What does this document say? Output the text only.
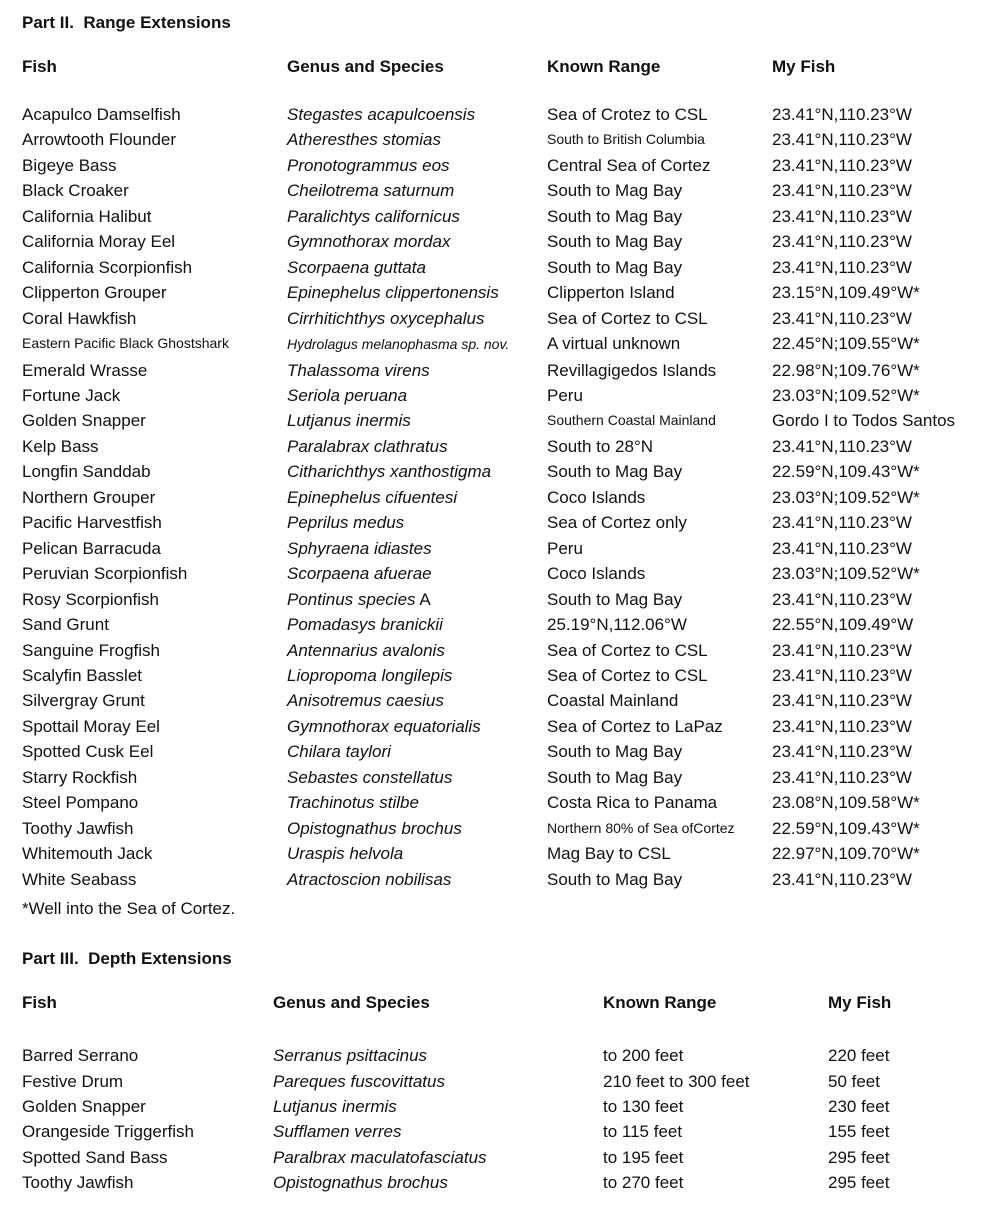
Part II.  Range Extensions
Fish	Genus and Species	Known Range	My Fish
Acapulco Damselfish	Stegastes acapulcoensis	Sea of Crotez to CSL	23.41°N,110.23°W
Arrowtooth Flounder	Atheresthes stomias	South to British Columbia	23.41°N,110.23°W
Bigeye Bass	Pronotogrammus eos	Central Sea of Cortez	23.41°N,110.23°W
Black Croaker	Cheilotrema saturnum	South to Mag Bay	23.41°N,110.23°W
California Halibut	Paralichtys californicus	South to Mag Bay	23.41°N,110.23°W
California Moray Eel	Gymnothorax mordax	South to Mag Bay	23.41°N,110.23°W
California Scorpionfish	Scorpaena guttata	South to Mag Bay	23.41°N,110.23°W
Clipperton Grouper	Epinephelus clippertonensis	Clipperton Island	23.15°N,109.49°W*
Coral Hawkfish	Cirrhitichthys oxycephalus	Sea of Cortez to CSL	23.41°N,110.23°W
Eastern Pacific Black Ghostshark	Hydrolagus melanophasma sp. nov.	A virtual unknown	22.45°N;109.55°W*
Emerald Wrasse	Thalassoma virens	Revillagigedos Islands	22.98°N;109.76°W*
Fortune Jack	Seriola peruana	Peru	23.03°N;109.52°W*
Golden Snapper	Lutjanus inermis	Southern Coastal Mainland	Gordo I to Todos Santos
Kelp Bass	Paralabrax clathratus	South to 28°N	23.41°N,110.23°W
Longfin Sanddab	Citharichthys xanthostigma	South to Mag Bay	22.59°N,109.43°W*
Northern Grouper	Epinephelus cifuentesi	Coco Islands	23.03°N;109.52°W*
Pacific Harvestfish	Peprilus medus	Sea of Cortez only	23.41°N,110.23°W
Pelican Barracuda	Sphyraena idiastes	Peru	23.41°N,110.23°W
Peruvian Scorpionfish	Scorpaena afuerae	Coco Islands	23.03°N;109.52°W*
Rosy Scorpionfish	Pontinus species A	South to Mag Bay	23.41°N,110.23°W
Sand Grunt	Pomadasys branickii	25.19°N,112.06°W	22.55°N,109.49°W
Sanguine Frogfish	Antennarius avalonis	Sea of Cortez to CSL	23.41°N,110.23°W
Scalyfin Basslet	Liopropoma longilepis	Sea of Cortez to CSL	23.41°N,110.23°W
Silvergray Grunt	Anisotremus caesius	Coastal Mainland	23.41°N,110.23°W
Spottail Moray Eel	Gymnothorax equatorialis	Sea of Cortez to LaPaz	23.41°N,110.23°W
Spotted Cusk Eel	Chilara taylori	South to Mag Bay	23.41°N,110.23°W
Starry Rockfish	Sebastes constellatus	South to Mag Bay	23.41°N,110.23°W
Steel Pompano	Trachinotus stilbe	Costa Rica to Panama	23.08°N,109.58°W*
Toothy Jawfish	Opistognathus brochus	Northern 80% of Sea ofCortez	22.59°N,109.43°W*
Whitemouth Jack	Uraspis helvola	Mag Bay to CSL	22.97°N,109.70°W*
White Seabass	Atractoscion nobilisas	South to Mag Bay	23.41°N,110.23°W
*Well into the Sea of Cortez.
Part III.  Depth Extensions
Fish	Genus and Species	Known Range	My Fish
Barred Serrano	Serranus psittacinus	to 200 feet	220 feet
Festive Drum	Pareques fuscovittatus	210 feet to 300 feet	50 feet
Golden Snapper	Lutjanus inermis	to 130 feet	230 feet
Orangeside Triggerfish	Sufflamen verres	to 115 feet	155 feet
Spotted Sand Bass	Paralbrax maculatofasciatus	to 195 feet	295 feet
Toothy Jawfish	Opistognathus brochus	to 270 feet	295 feet
